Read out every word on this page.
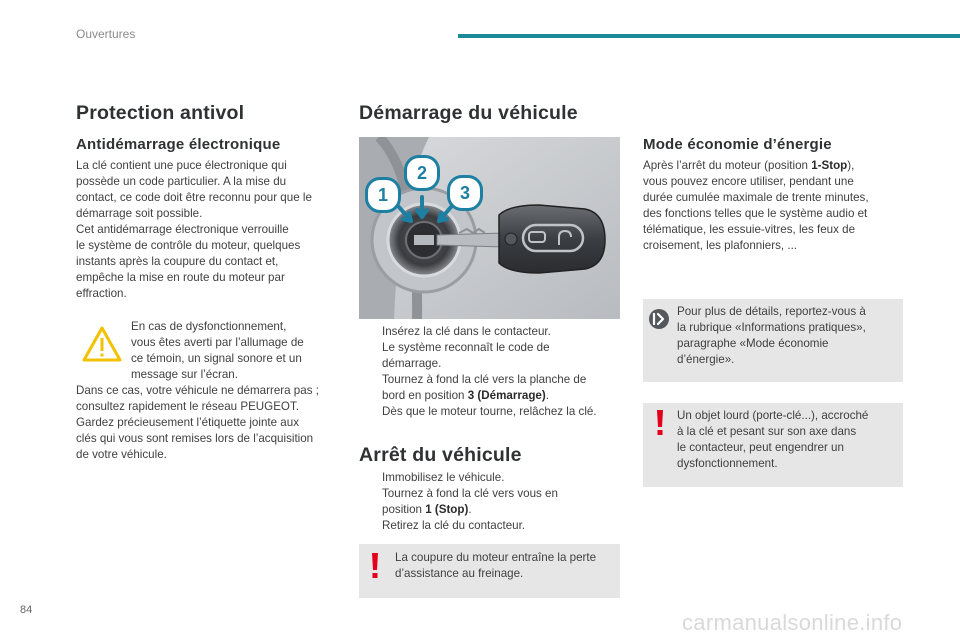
Ouvertures
Protection antivol
Antidémarrage électronique

La clé contient une puce électronique qui

possède un code particulier. A la mise du

contact, ce code doit être reconnu pour que le

démarrage soit possible.

Cet antidémarrage électronique verrouille

le système de contrôle du moteur, quelques

instants après la coupure du contact et,

empêche la mise en route du moteur par

effraction.

En cas de dysfonctionnement,

vous êtes averti par l’allumage de

ce témoin, un signal sonore et un

message sur l’écran.

Dans ce cas, votre véhicule ne démarrera pas ;

consultez rapidement le réseau PEUGEOT.

Gardez précieusement l’étiquette jointe aux

clés qui vous sont remises lors de l’acquisition

de votre véhicule.

Démarrage du véhicule
1
2
3
Insérez la clé dans le contacteur.
Le système reconnaît le code de
démarrage.
Tournez à fond la clé vers la planche de
bord en position 3 (Démarrage).
Dès que le moteur tourne, relâchez la clé.
Arrêt du véhicule
Immobilisez le véhicule.
Tournez à fond la clé vers vous en
position 1 (Stop).
Retirez la clé du contacteur.

La coupure du moteur entraîne la perte

d’assistance au freinage.

Mode économie d’énergie

Après l’arrêt du moteur (position 1-Stop),

vous pouvez encore utiliser, pendant une

durée cumulée maximale de trente minutes,

des fonctions telles que le système audio et

télématique, les essuie-vitres, les feux de

croisement, les plafonniers, ...

Pour plus de détails, reportez-vous à

la rubrique «Informations pratiques»,

paragraphe «Mode économie

d’énergie».

Un objet lourd (porte-clé...), accroché

à la clé et pesant sur son axe dans

le contacteur, peut engendrer un

dysfonctionnement.

84	carmanualsonline.info
